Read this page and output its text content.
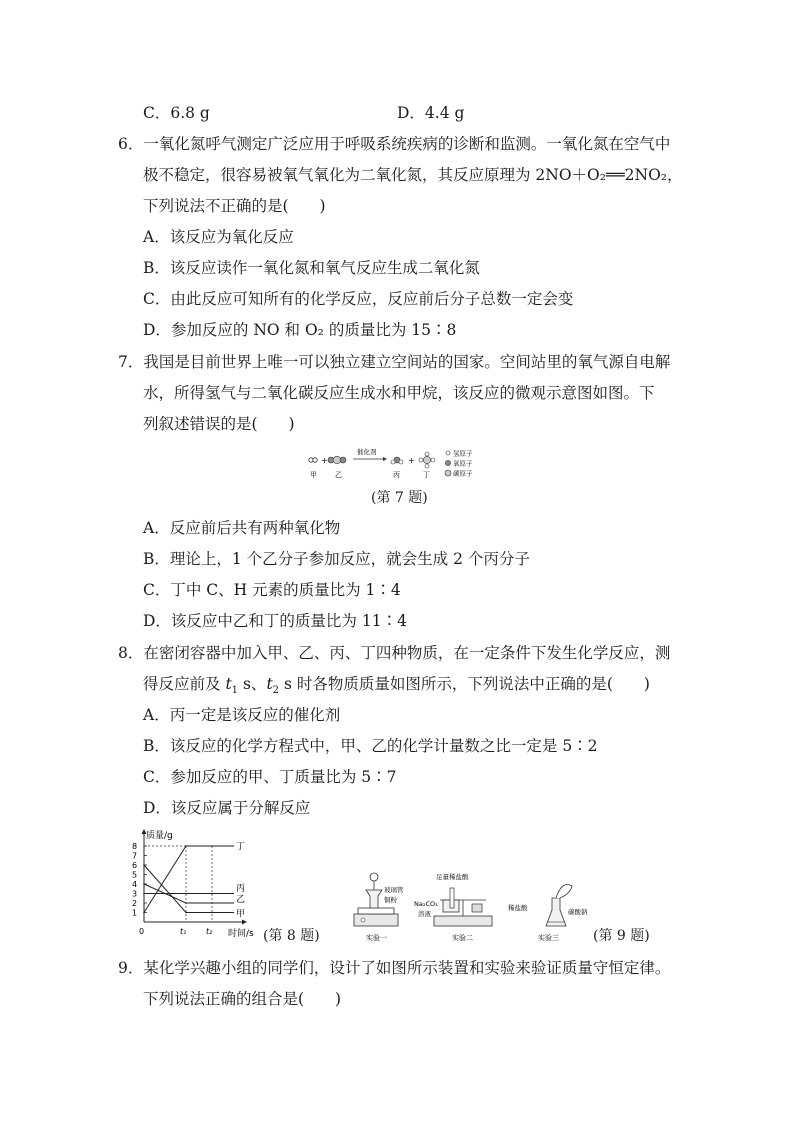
C．6.8 g	D．4.4 g
6．一氧化氮呼气测定广泛应用于呼吸系统疾病的诊断和监测。一氧化氮在空气中
极不稳定，很容易被氧气氧化为二氧化氮，其反应原理为 2NO＋O₂══2NO₂，
下列说法不正确的是(　　)
A．该反应为氧化反应
B．该反应读作一氧化氮和氧气反应生成二氧化氮
C．由此反应可知所有的化学反应，反应前后分子总数一定会变
D．参加反应的 NO 和 O₂ 的质量比为 15∶8
7．我国是目前世界上唯一可以独立建立空间站的国家。空间站里的氧气源自电解
水，所得氢气与二氧化碳反应生成水和甲烷，该反应的微观示意图如图。下
列叙述错误的是(　　)
+
催化剂
+
甲	乙	丙	丁
氢原子
氧原子
碳原子
(第 7 题)
A．反应前后共有两种氧化物
B．理论上，1 个乙分子参加反应，就会生成 2 个丙分子
C．丁中 C、H 元素的质量比为 1∶4
D．该反应中乙和丁的质量比为 11∶4
8．在密闭容器中加入甲、乙、丙、丁四种物质，在一定条件下发生化学反应，测
得反应前及 $t_1$ s、$t_2$ s 时各物质质量如图所示，下列说法中正确的是(　　)
A．丙一定是该反应的催化剂
B．该反应的化学方程式中，甲、乙的化学计量数之比一定是 5∶2
C．参加反应的甲、丁质量比为 5∶7
D．该反应属于分解反应
质量/g
时间/s
0	t₁ t₂
8
7
6
5
4
3
2
1
丁
丙
乙
甲
(第 8 题)
玻璃管
铜粉
实验一
足量稀盐酸
Na₂CO₃
溶液
实验二
稀盐酸	碳酸钠
实验三 (第 9 题)
9．某化学兴趣小组的同学们，设计了如图所示装置和实验来验证质量守恒定律。
下列说法正确的组合是(　　)
